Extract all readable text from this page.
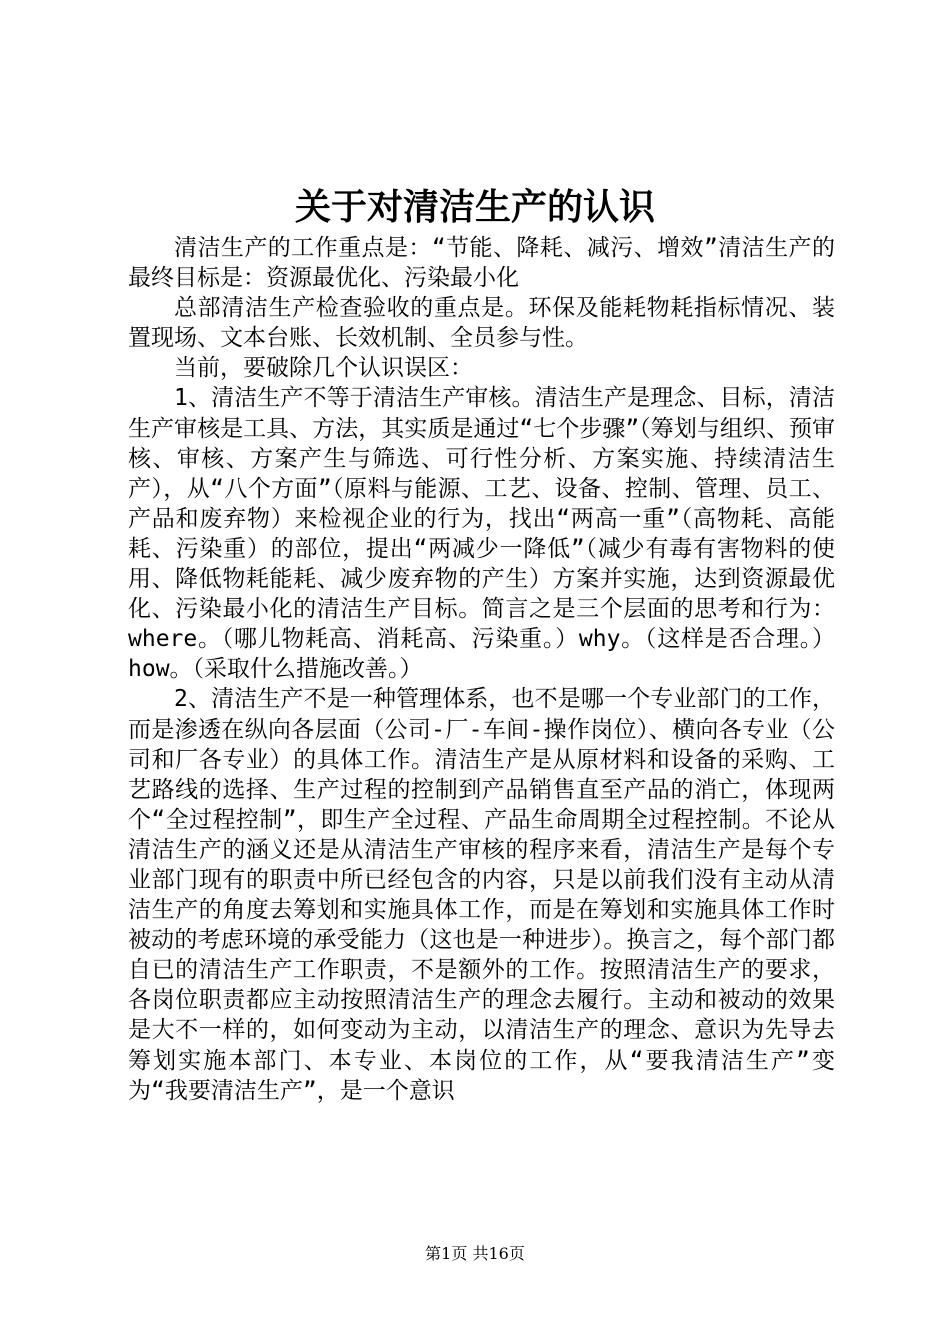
关于对清洁生产的认识

清洁生产的工作重点是：“节能、降耗、减污、增效”清洁生产的最终目标是：资源最优化、污染最小化

总部清洁生产检查验收的重点是。环保及能耗物耗指标情况、装置现场、文本台账、长效机制、全员参与性。

当前，要破除几个认识误区：

1、清洁生产不等于清洁生产审核。清洁生产是理念、目标，清洁生产审核是工具、方法，其实质是通过“七个步骤”（筹划与组织、预审核、审核、方案产生与筛选、可行性分析、方案实施、持续清洁生产），从“八个方面”（原料与能源、工艺、设备、控制、管理、员工、产品和废弃物）来检视企业的行为，找出“两高一重”（高物耗、高能耗、污染重）的部位，提出“两减少一降低”（减少有毒有害物料的使用、降低物耗能耗、减少废弃物的产生）方案并实施，达到资源最优化、污染最小化的清洁生产目标。简言之是三个层面的思考和行为：where。（哪儿物耗高、消耗高、污染重。）why。（这样是否合理。）how。（采取什么措施改善。）

2、清洁生产不是一种管理体系，也不是哪一个专业部门的工作，而是渗透在纵向各层面（公司-厂-车间-操作岗位）、横向各专业（公司和厂各专业）的具体工作。清洁生产是从原材料和设备的采购、工艺路线的选择、生产过程的控制到产品销售直至产品的消亡，体现两个“全过程控制”，即生产全过程、产品生命周期全过程控制。不论从清洁生产的涵义还是从清洁生产审核的程序来看，清洁生产是每个专业部门现有的职责中所已经包含的内容，只是以前我们没有主动从清洁生产的角度去筹划和实施具体工作，而是在筹划和实施具体工作时被动的考虑环境的承受能力（这也是一种进步）。换言之，每个部门都自已的清洁生产工作职责，不是额外的工作。按照清洁生产的要求，各岗位职责都应主动按照清洁生产的理念去履行。主动和被动的效果是大不一样的，如何变动为主动，以清洁生产的理念、意识为先导去筹划实施本部门、本专业、本岗位的工作，从“要我清洁生产”变为“我要清洁生产”，是一个意识

第1页 共16页
